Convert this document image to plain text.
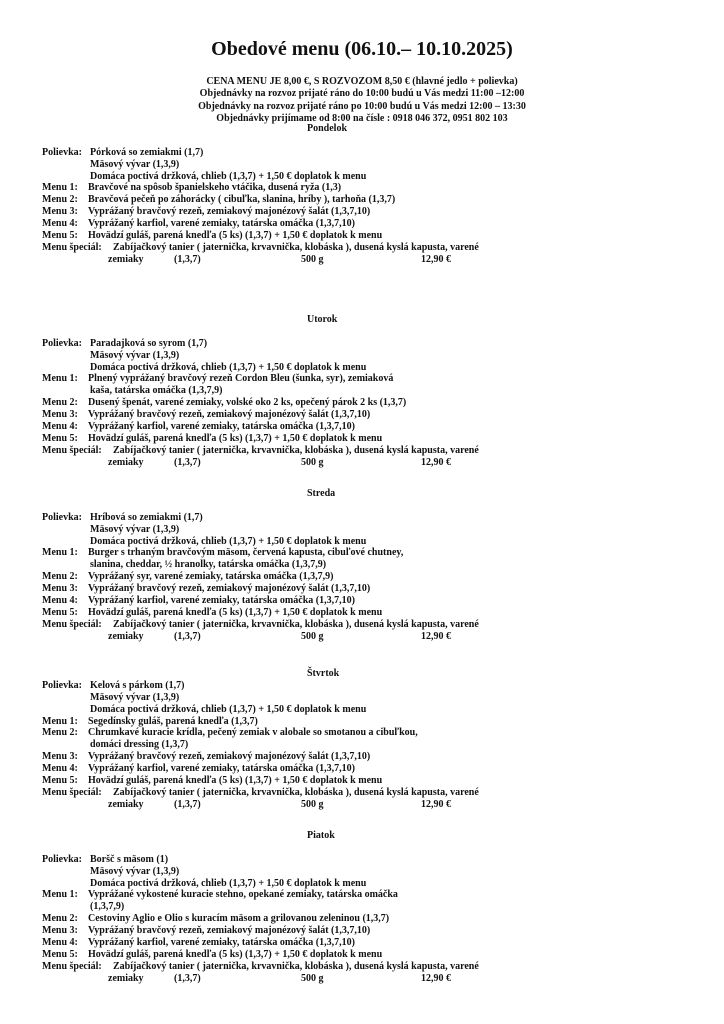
Obedové menu (06.10.– 10.10.2025)
CENA MENU JE 8,00 €, S ROZVOZOM 8,50 € (hlavné jedlo + polievka)
Objednávky na rozvoz prijaté ráno do 10:00 budú u Vás medzi 11:00 –12:00
Objednávky na rozvoz prijaté ráno po 10:00 budú u Vás medzi 12:00 – 13:30
Objednávky prijímame od 8:00 na čísle : 0918 046 372, 0951 802 103
Pondelok
Polievka: Pórková so zemiakmi (1,7)
Mäsový vývar (1,3,9)
Domáca poctivá držková, chlieb (1,3,7) + 1,50 € doplatok k menu
Menu 1: Bravčové na spôsob španielskeho vtáčika, dusená ryža (1,3)
Menu 2: Bravčová pečeň po záhorácky ( cibuľka, slanina, hríby ), tarhoňa (1,3,7)
Menu 3: Vyprážaný bravčový rezeň, zemiakový majonézový šalát (1,3,7,10)
Menu 4: Vyprážaný karfiol, varené zemiaky, tatárska omáčka (1,3,7,10)
Menu 5: Hovädzí guláš, parená knedľa (5 ks) (1,3,7) + 1,50 € doplatok k menu
Menu špeciál: Zabíjačkový tanier ( jaternička, krvavnička, klobáska ), dusená kyslá kapusta, varené
zemiaky	(1,3,7)	500 g	12,90 €
Utorok
Polievka: Paradajková so syrom (1,7)
Mäsový vývar (1,3,9)
Domáca poctivá držková, chlieb (1,3,7) + 1,50 € doplatok k menu
Menu 1: Plnený vyprážaný bravčový rezeň Cordon Bleu (šunka, syr), zemiaková
kaša, tatárska omáčka (1,3,7,9)
Menu 2: Dusený špenát, varené zemiaky, volské oko 2 ks, opečený párok 2 ks (1,3,7)
Menu 3: Vyprážaný bravčový rezeň, zemiakový majonézový šalát (1,3,7,10)
Menu 4: Vyprážaný karfiol, varené zemiaky, tatárska omáčka (1,3,7,10)
Menu 5: Hovädzí guláš, parená knedľa (5 ks) (1,3,7) + 1,50 € doplatok k menu
Menu špeciál: Zabíjačkový tanier ( jaternička, krvavnička, klobáska ), dusená kyslá kapusta, varené
zemiaky	(1,3,7)	500 g	12,90 €
Streda
Polievka: Hríbová so zemiakmi (1,7)
Mäsový vývar (1,3,9)
Domáca poctivá držková, chlieb (1,3,7) + 1,50 € doplatok k menu
Menu 1: Burger s trhaným bravčovým mäsom, červená kapusta, cibuľové chutney,
slanina, cheddar, ½ hranolky, tatárska omáčka (1,3,7,9)
Menu 2: Vyprážaný syr, varené zemiaky, tatárska omáčka (1,3,7,9)
Menu 3: Vyprážaný bravčový rezeň, zemiakový majonézový šalát (1,3,7,10)
Menu 4: Vyprážaný karfiol, varené zemiaky, tatárska omáčka (1,3,7,10)
Menu 5: Hovädzí guláš, parená knedľa (5 ks) (1,3,7) + 1,50 € doplatok k menu
Menu špeciál: Zabíjačkový tanier ( jaternička, krvavnička, klobáska ), dusená kyslá kapusta, varené
zemiaky	(1,3,7)	500 g	12,90 €
Štvrtok
Polievka: Kelová s párkom (1,7)
Mäsový vývar (1,3,9)
Domáca poctivá držková, chlieb (1,3,7) + 1,50 € doplatok k menu
Menu 1: Segedínsky guláš, parená knedľa (1,3,7)
Menu 2: Chrumkavé kuracie krídla, pečený zemiak v alobale so smotanou a cibuľkou,
domáci dressing (1,3,7)
Menu 3: Vyprážaný bravčový rezeň, zemiakový majonézový šalát (1,3,7,10)
Menu 4: Vyprážaný karfiol, varené zemiaky, tatárska omáčka (1,3,7,10)
Menu 5: Hovädzí guláš, parená knedľa (5 ks) (1,3,7) + 1,50 € doplatok k menu
Menu špeciál: Zabíjačkový tanier ( jaternička, krvavnička, klobáska ), dusená kyslá kapusta, varené
zemiaky	(1,3,7)	500 g	12,90 €
Piatok
Polievka: Boršč s mäsom (1)
Mäsový vývar (1,3,9)
Domáca poctivá držková, chlieb (1,3,7) + 1,50 € doplatok k menu
Menu 1: Vyprážané vykostené kuracie stehno, opekané zemiaky, tatárska omáčka
(1,3,7,9)
Menu 2: Cestoviny Aglio e Olio s kuracím mäsom a grilovanou zeleninou (1,3,7)
Menu 3: Vyprážaný bravčový rezeň, zemiakový majonézový šalát (1,3,7,10)
Menu 4: Vyprážaný karfiol, varené zemiaky, tatárska omáčka (1,3,7,10)
Menu 5: Hovädzí guláš, parená knedľa (5 ks) (1,3,7) + 1,50 € doplatok k menu
Menu špeciál: Zabíjačkový tanier ( jaternička, krvavnička, klobáska ), dusená kyslá kapusta, varené
zemiaky	(1,3,7)	500 g	12,90 €
